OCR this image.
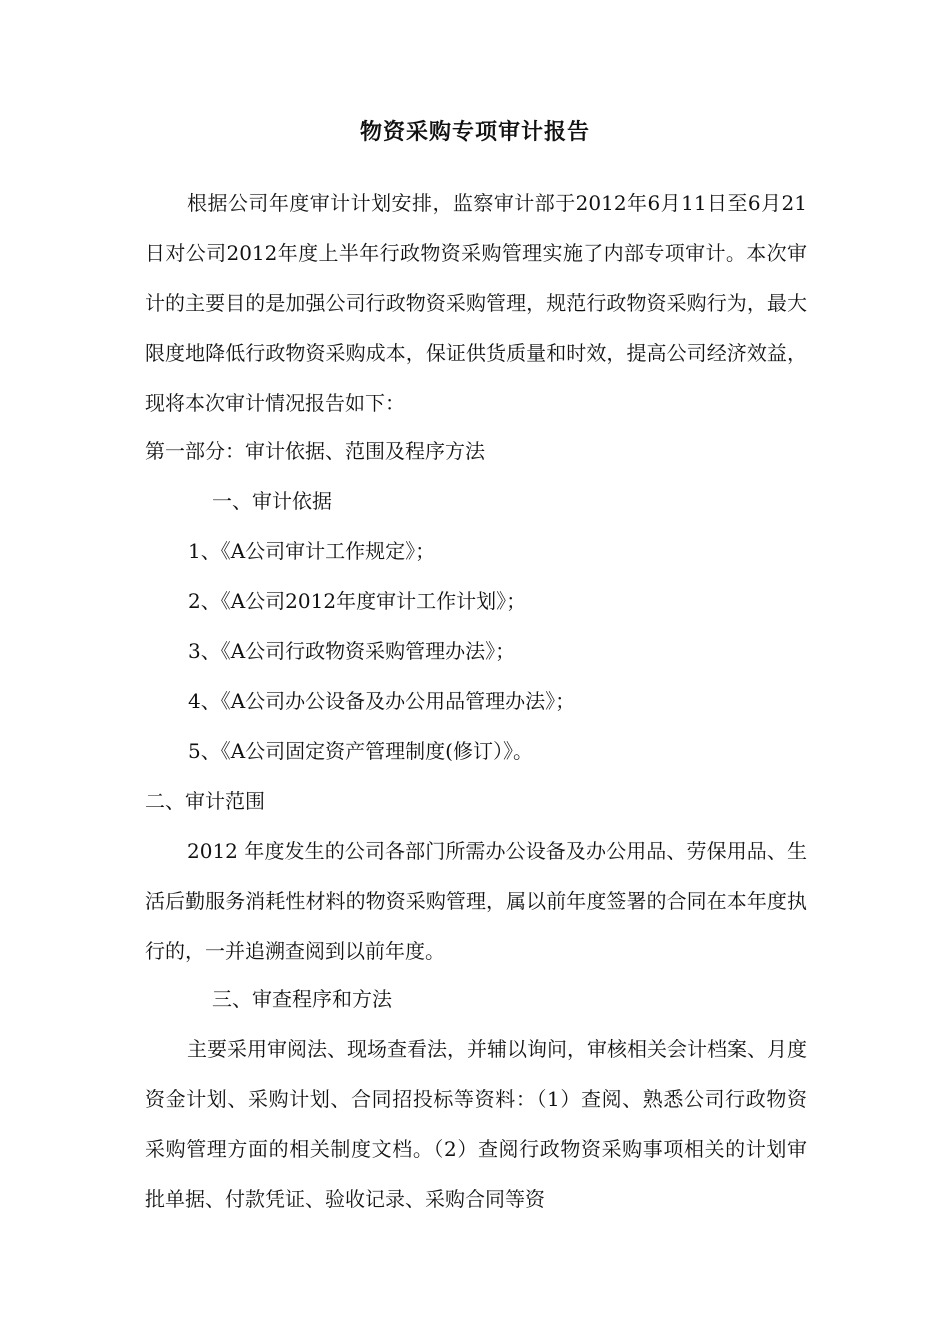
物资采购专项审计报告

根据公司年度审计计划安排，监察审计部于2012年6月11日至6月21日对公司2012年度上半年行政物资采购管理实施了内部专项审计。本次审计的主要目的是加强公司行政物资采购管理，规范行政物资采购行为，最大限度地降低行政物资采购成本，保证供货质量和时效，提高公司经济效益，现将本次审计情况报告如下：

第一部分：审计依据、范围及程序方法
一、审计依据
1、《A公司审计工作规定》；
2、《A公司2012年度审计工作计划》；
3、《A公司行政物资采购管理办法》；
4、《A公司办公设备及办公用品管理办法》；
5、《A公司固定资产管理制度(修订）》。
二、审计范围

2012 年度发生的公司各部门所需办公设备及办公用品、劳保用品、生活后勤服务消耗性材料的物资采购管理，属以前年度签署的合同在本年度执行的，一并追溯查阅到以前年度。

三、审查程序和方法

主要采用审阅法、现场查看法，并辅以询问，审核相关会计档案、月度资金计划、采购计划、合同招投标等资料：（1）查阅、熟悉公司行政物资采购管理方面的相关制度文档。（2）查阅行政物资采购事项相关的计划审批单据、付款凭证、验收记录、采购合同等资
